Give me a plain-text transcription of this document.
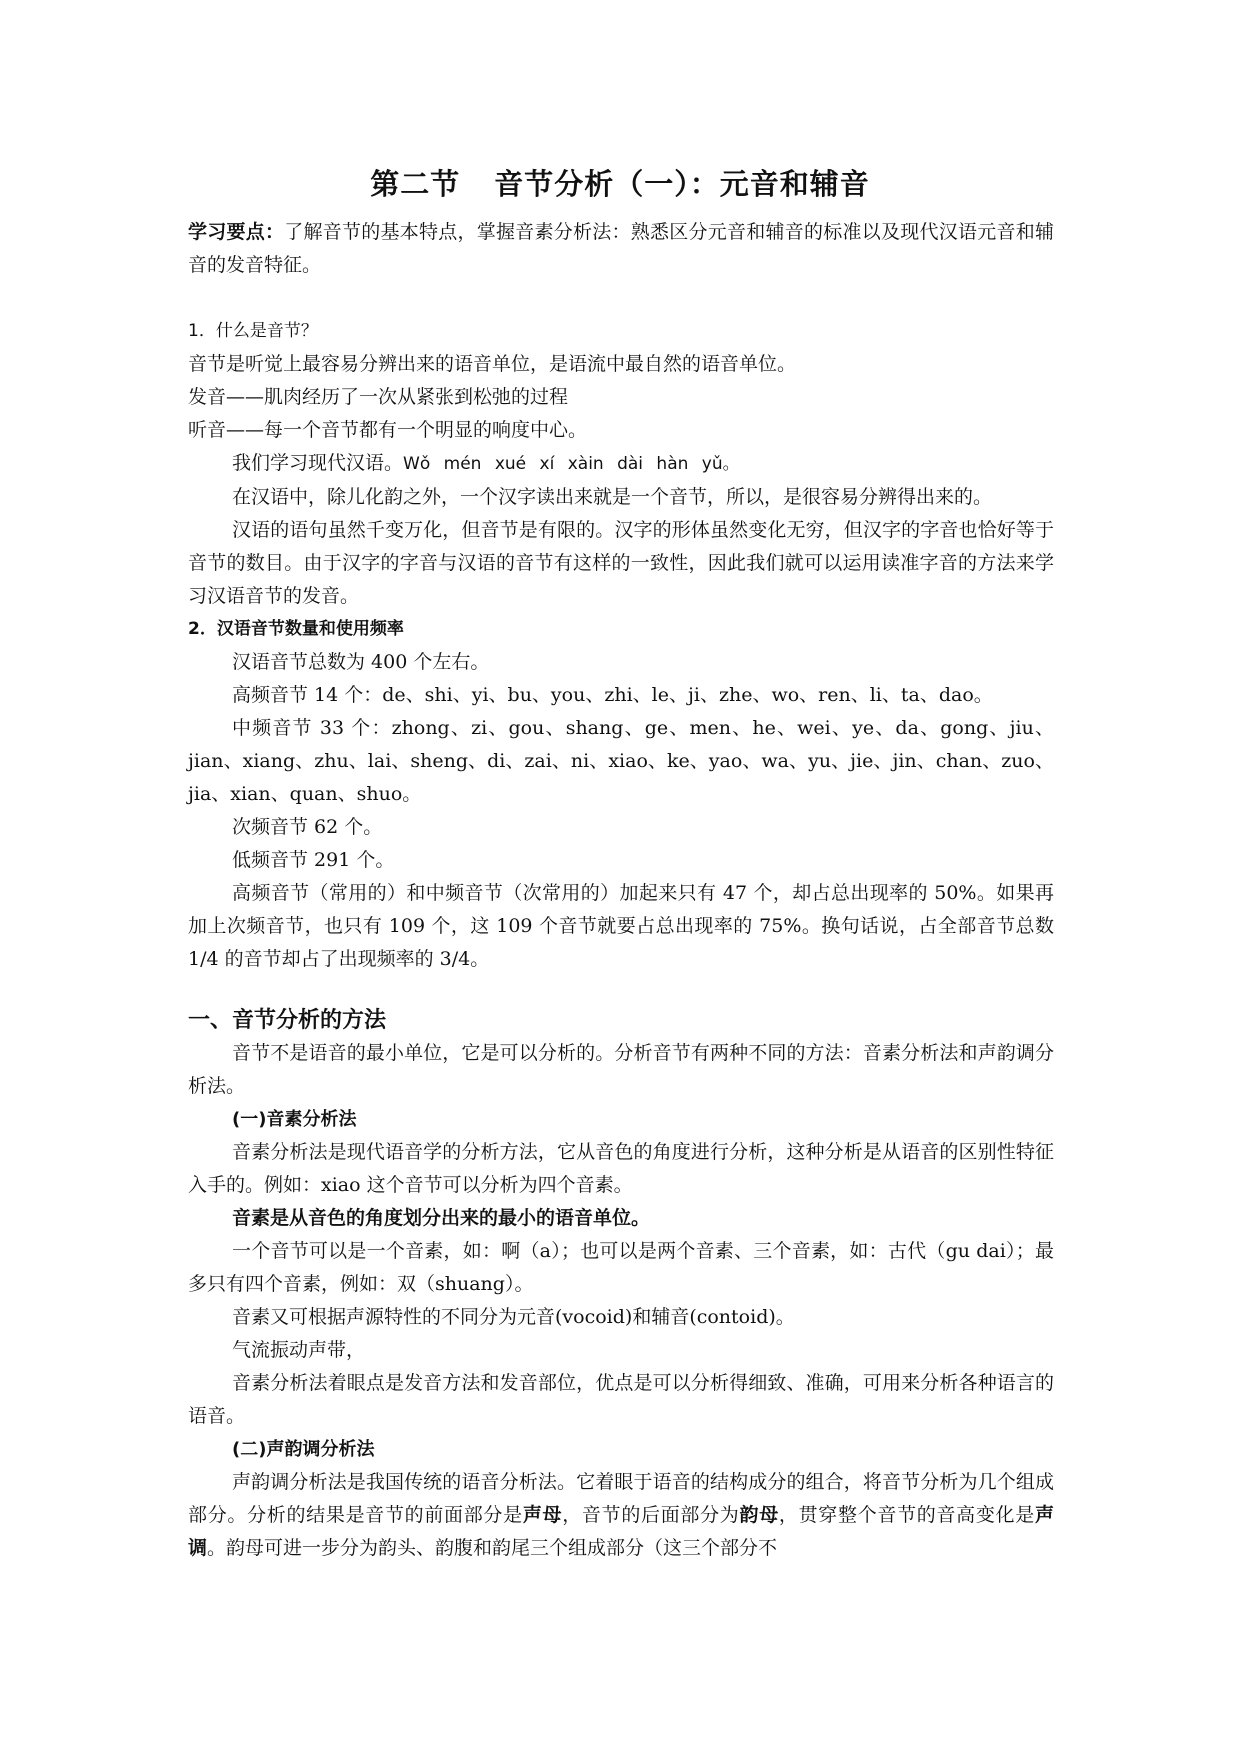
第二节 音节分析（一）：元音和辅音

学习要点：了解音节的基本特点，掌握音素分析法：熟悉区分元音和辅音的标准以及现代汉语元音和辅音的发音特征。

1．什么是音节？

音节是听觉上最容易分辨出来的语音单位，是语流中最自然的语音单位。

发音——肌肉经历了一次从紧张到松弛的过程

听音——每一个音节都有一个明显的响度中心。

我们学习现代汉语。Wǒ mén xué xí xàin dài hàn yǔ。

在汉语中，除儿化韵之外，一个汉字读出来就是一个音节，所以，是很容易分辨得出来的。

汉语的语句虽然千变万化，但音节是有限的。汉字的形体虽然变化无穷，但汉字的字音也恰好等于音节的数目。由于汉字的字音与汉语的音节有这样的一致性，因此我们就可以运用读准字音的方法来学习汉语音节的发音。

2．汉语音节数量和使用频率

汉语音节总数为 400 个左右。

高频音节 14 个：de、shi、yi、bu、you、zhi、le、ji、zhe、wo、ren、li、ta、dao。

中频音节 33 个：zhong、zi、gou、shang、ge、men、he、wei、ye、da、gong、jiu、jian、xiang、zhu、lai、sheng、di、zai、ni、xiao、ke、yao、wa、yu、jie、jin、chan、zuo、jia、xian、quan、shuo。

次频音节 62 个。

低频音节 291 个。

高频音节（常用的）和中频音节（次常用的）加起来只有 47 个，却占总出现率的 50%。如果再加上次频音节，也只有 109 个，这 109 个音节就要占总出现率的 75%。换句话说，占全部音节总数 1/4 的音节却占了出现频率的 3/4。

一、音节分析的方法

音节不是语音的最小单位，它是可以分析的。分析音节有两种不同的方法：音素分析法和声韵调分析法。

(一)音素分析法

音素分析法是现代语音学的分析方法，它从音色的角度进行分析，这种分析是从语音的区别性特征入手的。例如：xiao 这个音节可以分析为四个音素。

音素是从音色的角度划分出来的最小的语音单位。

一个音节可以是一个音素，如：啊（a）；也可以是两个音素、三个音素，如：古代（gu dai）；最多只有四个音素，例如：双（shuang）。

音素又可根据声源特性的不同分为元音(vocoid)和辅音(contoid)。

气流振动声带，

音素分析法着眼点是发音方法和发音部位，优点是可以分析得细致、准确，可用来分析各种语言的语音。

(二)声韵调分析法

声韵调分析法是我国传统的语音分析法。它着眼于语音的结构成分的组合，将音节分析为几个组成部分。分析的结果是音节的前面部分是声母，音节的后面部分为韵母，贯穿整个音节的音高变化是声调。韵母可进一步分为韵头、韵腹和韵尾三个组成部分（这三个部分不
